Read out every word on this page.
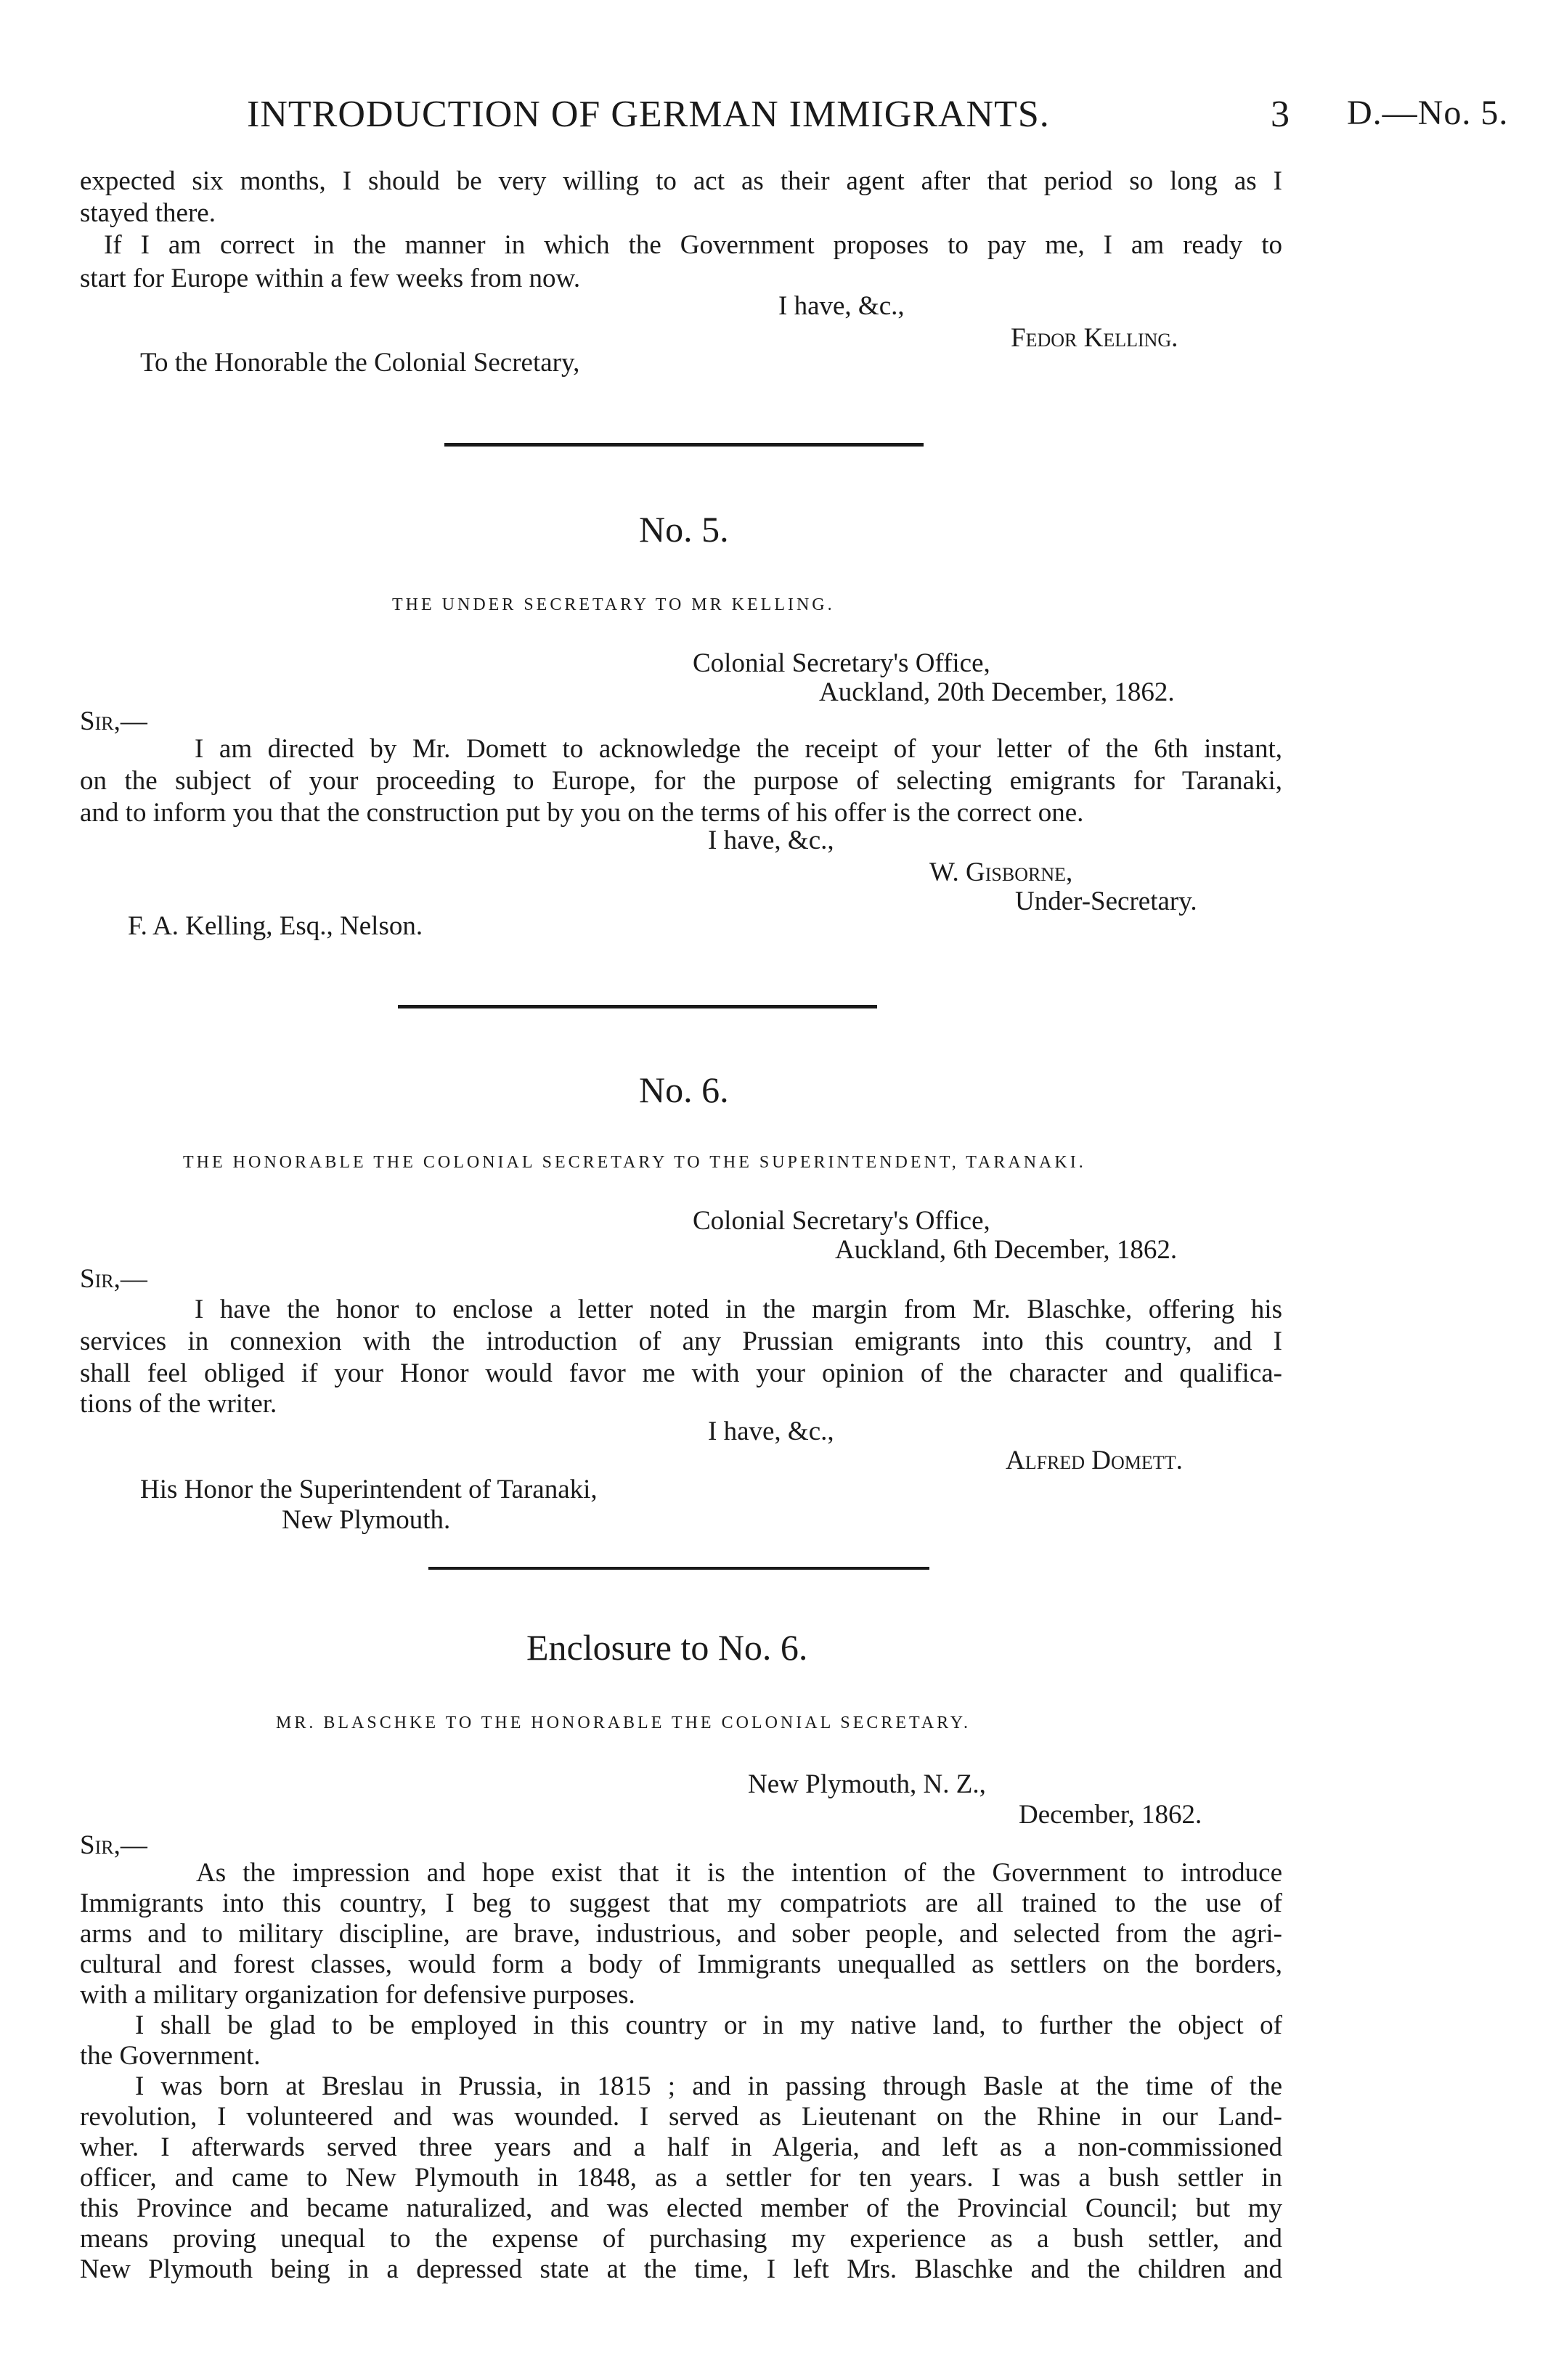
INTRODUCTION OF GERMAN IMMIGRANTS.	3 D.—No. 5.
expected six months, I should be very willing to act as their agent after that period so long as I
stayed there.
If I am correct in the manner in which the Government proposes to pay me, I am ready to
start for Europe within a few weeks from now.
I have, &c.,
Fedor Kelling.
To the Honorable the Colonial Secretary,
No. 5.
THE UNDER SECRETARY TO MR KELLING.
Colonial Secretary's Office,
Auckland, 20th December, 1862.
Sir,—
I am directed by Mr. Domett to acknowledge the receipt of your letter of the 6th instant,
on the subject of your proceeding to Europe, for the purpose of selecting emigrants for Taranaki,
and to inform you that the construction put by you on the terms of his offer is the correct one.
I have, &c.,
W. Gisborne,
Under-Secretary.
F. A. Kelling, Esq., Nelson.
No. 6.
THE HONORABLE THE COLONIAL SECRETARY TO THE SUPERINTENDENT, TARANAKI.
Colonial Secretary's Office,
Auckland, 6th December, 1862.
Sir,—
I have the honor to enclose a letter noted in the margin from Mr. Blaschke, offering his
services in connexion with the introduction of any Prussian emigrants into this country, and I
shall feel obliged if your Honor would favor me with your opinion of the character and qualifica-
tions of the writer.
I have, &c.,
Alfred Domett.
His Honor the Superintendent of Taranaki,
New Plymouth.
Enclosure to No. 6.
MR. BLASCHKE TO THE HONORABLE THE COLONIAL SECRETARY.
New Plymouth, N. Z.,
December, 1862.
Sir,—
As the impression and hope exist that it is the intention of the Government to introduce
Immigrants into this country, I beg to suggest that my compatriots are all trained to the use of
arms and to military discipline, are brave, industrious, and sober people, and selected from the agri-
cultural and forest classes, would form a body of Immigrants unequalled as settlers on the borders,
with a military organization for defensive purposes.
I shall be glad to be employed in this country or in my native land, to further the object of
the Government.
I was born at Breslau in Prussia, in 1815 ; and in passing through Basle at the time of the
revolution, I volunteered and was wounded. I served as Lieutenant on the Rhine in our Land-
wher. I afterwards served three years and a half in Algeria, and left as a non-commissioned
officer, and came to New Plymouth in 1848, as a settler for ten years. I was a bush settler in
this Province and became naturalized, and was elected member of the Provincial Council; but my
means proving unequal to the expense of purchasing my experience as a bush settler, and
New Plymouth being in a depressed state at the time, I left Mrs. Blaschke and the children and
